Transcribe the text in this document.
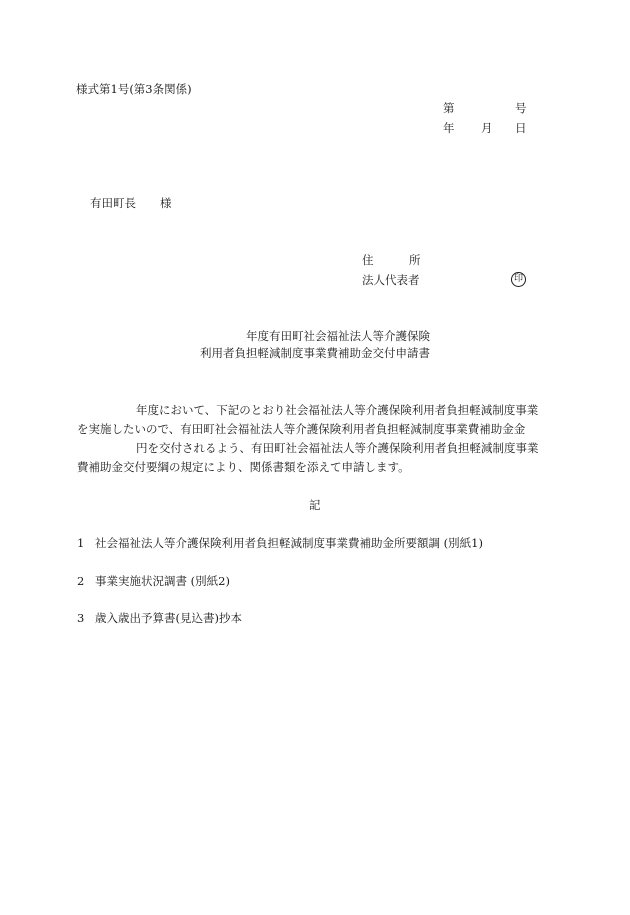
様式第1号(第3条関係)
第	号
年 月 日
有田町長 様
住	所
法人代表者	印
年度有田町社会福祉法人等介護保険
利用者負担軽減制度事業費補助金交付申請書
年度において、下記のとおり社会福祉法人等介護保険利用者負担軽減制度事業
を実施したいので、有田町社会福祉法人等介護保険利用者負担軽減制度事業費補助金金
円を交付されるよう、有田町社会福祉法人等介護保険利用者負担軽減制度事業
費補助金交付要綱の規定により、関係書類を添えて申請します。
記
1 社会福祉法人等介護保険利用者負担軽減制度事業費補助金所要額調 (別紙1)
2 事業実施状況調書 (別紙2)
3 歳入歳出予算書(見込書)抄本
